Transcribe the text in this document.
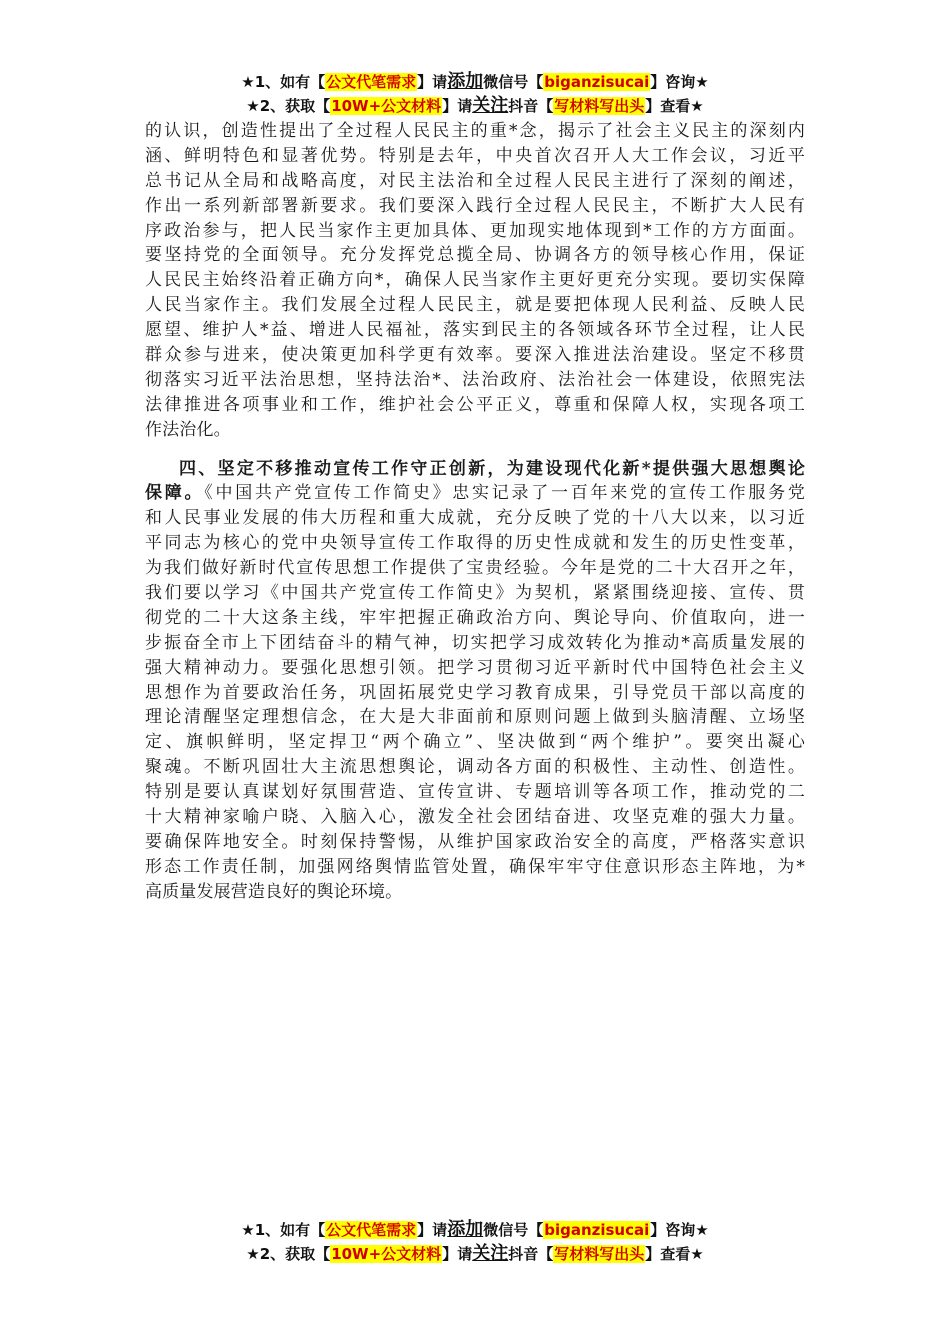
★1、如有【公文代笔需求】请添加微信号【biganzisucai】咨询★
★2、获取【10W+公文材料】请关注抖音【写材料写出头】查看★
的认识，创造性提出了全过程人民民主的重*念，揭示了社会主义民主的深刻内
涵、鲜明特色和显著优势。特别是去年，中央首次召开人大工作会议，习近平
总书记从全局和战略高度，对民主法治和全过程人民民主进行了深刻的阐述，
作出一系列新部署新要求。我们要深入践行全过程人民民主，不断扩大人民有
序政治参与，把人民当家作主更加具体、更加现实地体现到*工作的方方面面。
要坚持党的全面领导。充分发挥党总揽全局、协调各方的领导核心作用，保证
人民民主始终沿着正确方向*，确保人民当家作主更好更充分实现。要切实保障
人民当家作主。我们发展全过程人民民主，就是要把体现人民利益、反映人民
愿望、维护人*益、增进人民福祉，落实到民主的各领域各环节全过程，让人民
群众参与进来，使决策更加科学更有效率。要深入推进法治建设。坚定不移贯
彻落实习近平法治思想，坚持法治*、法治政府、法治社会一体建设，依照宪法
法律推进各项事业和工作，维护社会公平正义，尊重和保障人权，实现各项工
作法治化。
四、坚定不移推动宣传工作守正创新，为建设现代化新*提供强大思想舆论
保障。《中国共产党宣传工作简史》忠实记录了一百年来党的宣传工作服务党
和人民事业发展的伟大历程和重大成就，充分反映了党的十八大以来，以习近
平同志为核心的党中央领导宣传工作取得的历史性成就和发生的历史性变革，
为我们做好新时代宣传思想工作提供了宝贵经验。今年是党的二十大召开之年，
我们要以学习《中国共产党宣传工作简史》为契机，紧紧围绕迎接、宣传、贯
彻党的二十大这条主线，牢牢把握正确政治方向、舆论导向、价值取向，进一
步振奋全市上下团结奋斗的精气神，切实把学习成效转化为推动*高质量发展的
强大精神动力。要强化思想引领。把学习贯彻习近平新时代中国特色社会主义
思想作为首要政治任务，巩固拓展党史学习教育成果，引导党员干部以高度的
理论清醒坚定理想信念，在大是大非面前和原则问题上做到头脑清醒、立场坚
定、旗帜鲜明，坚定捍卫“两个确立”、坚决做到“两个维护”。要突出凝心
聚魂。不断巩固壮大主流思想舆论，调动各方面的积极性、主动性、创造性。
特别是要认真谋划好氛围营造、宣传宣讲、专题培训等各项工作，推动党的二
十大精神家喻户晓、入脑入心，激发全社会团结奋进、攻坚克难的强大力量。
要确保阵地安全。时刻保持警惕，从维护国家政治安全的高度，严格落实意识
形态工作责任制，加强网络舆情监管处置，确保牢牢守住意识形态主阵地，为*
高质量发展营造良好的舆论环境。
★1、如有【公文代笔需求】请添加微信号【biganzisucai】咨询★
★2、获取【10W+公文材料】请关注抖音【写材料写出头】查看★
